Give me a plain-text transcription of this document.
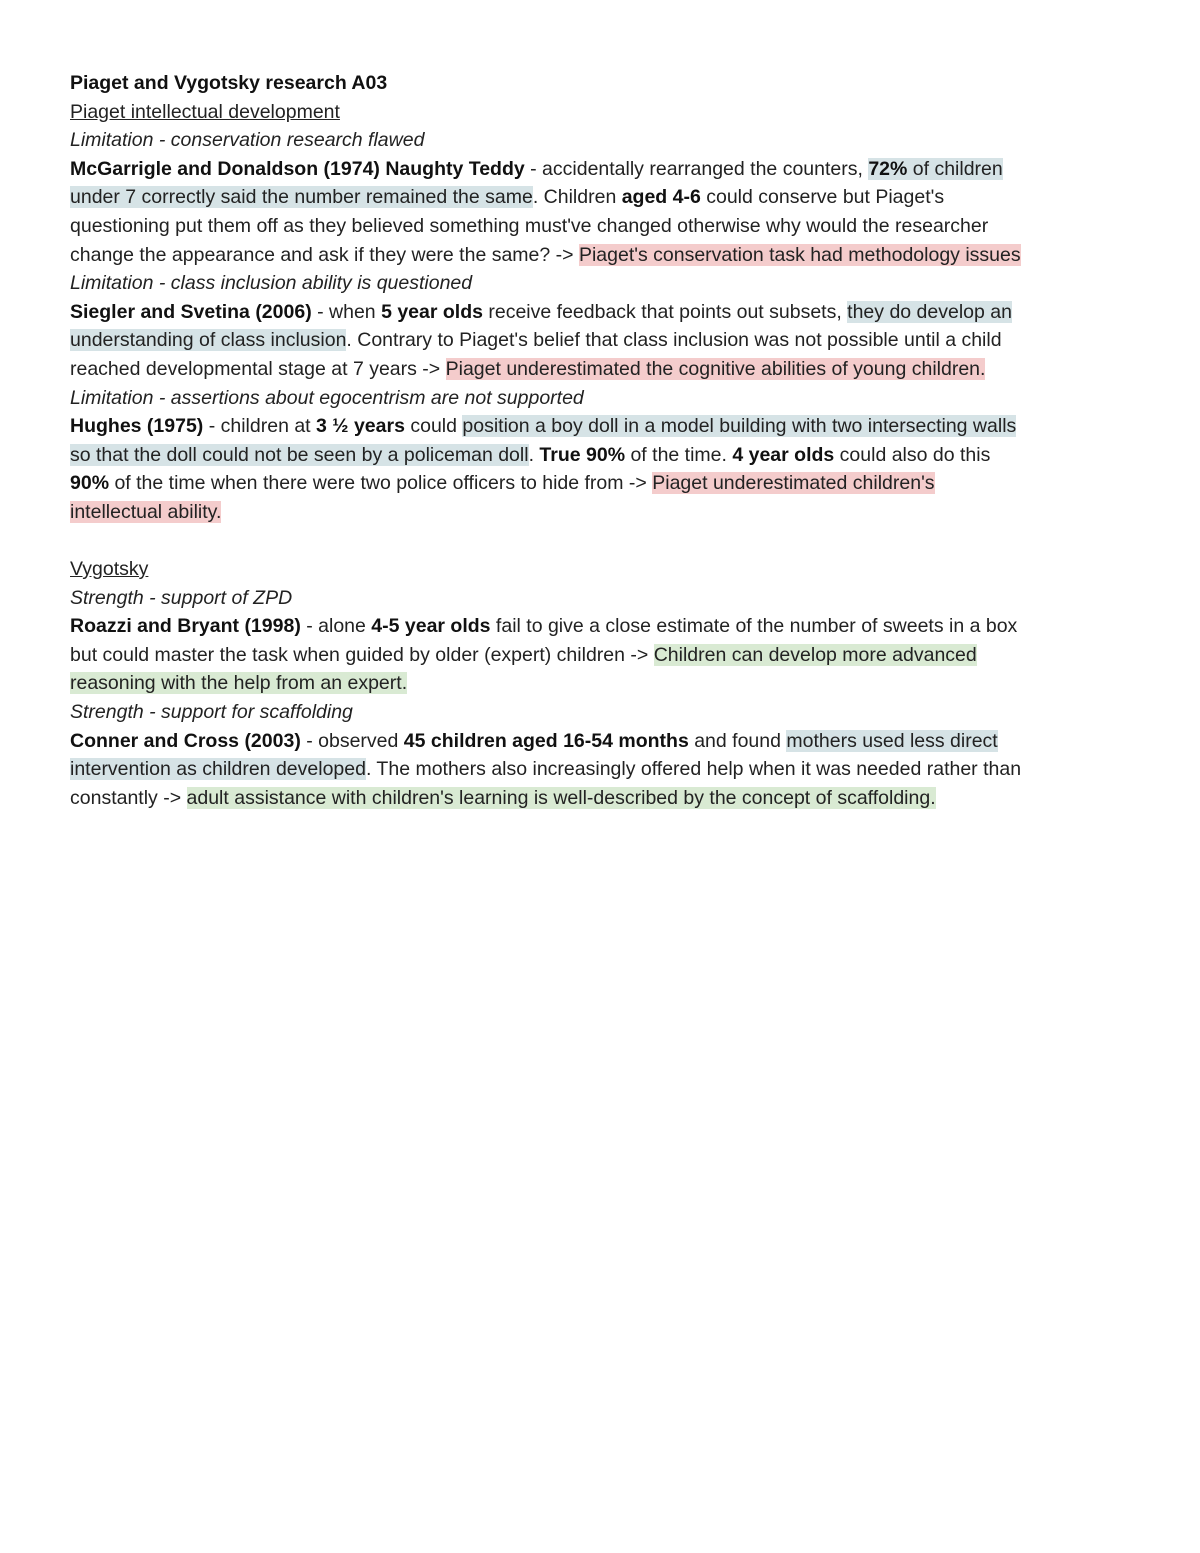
Piaget and Vygotsky research A03
Piaget intellectual development
Limitation - conservation research flawed
McGarrigle and Donaldson (1974) Naughty Teddy - accidentally rearranged the counters, 72% of children
under 7 correctly said the number remained the same. Children aged 4-6 could conserve but Piaget's
questioning put them off as they believed something must've changed otherwise why would the researcher
change the appearance and ask if they were the same? -> Piaget's conservation task had methodology issues
Limitation - class inclusion ability is questioned
Siegler and Svetina (2006) - when 5 year olds receive feedback that points out subsets, they do develop an
understanding of class inclusion. Contrary to Piaget's belief that class inclusion was not possible until a child
reached developmental stage at 7 years -> Piaget underestimated the cognitive abilities of young children.
Limitation - assertions about egocentrism are not supported
Hughes (1975) - children at 3 ½ years could position a boy doll in a model building with two intersecting walls
so that the doll could not be seen by a policeman doll. True 90% of the time. 4 year olds could also do this
90% of the time when there were two police officers to hide from -> Piaget underestimated children's
intellectual ability.
Vygotsky
Strength - support of ZPD
Roazzi and Bryant (1998) - alone 4-5 year olds fail to give a close estimate of the number of sweets in a box
but could master the task when guided by older (expert) children -> Children can develop more advanced
reasoning with the help from an expert.
Strength - support for scaffolding
Conner and Cross (2003) - observed 45 children aged 16-54 months and found mothers used less direct
intervention as children developed. The mothers also increasingly offered help when it was needed rather than
constantly -> adult assistance with children's learning is well-described by the concept of scaffolding.
